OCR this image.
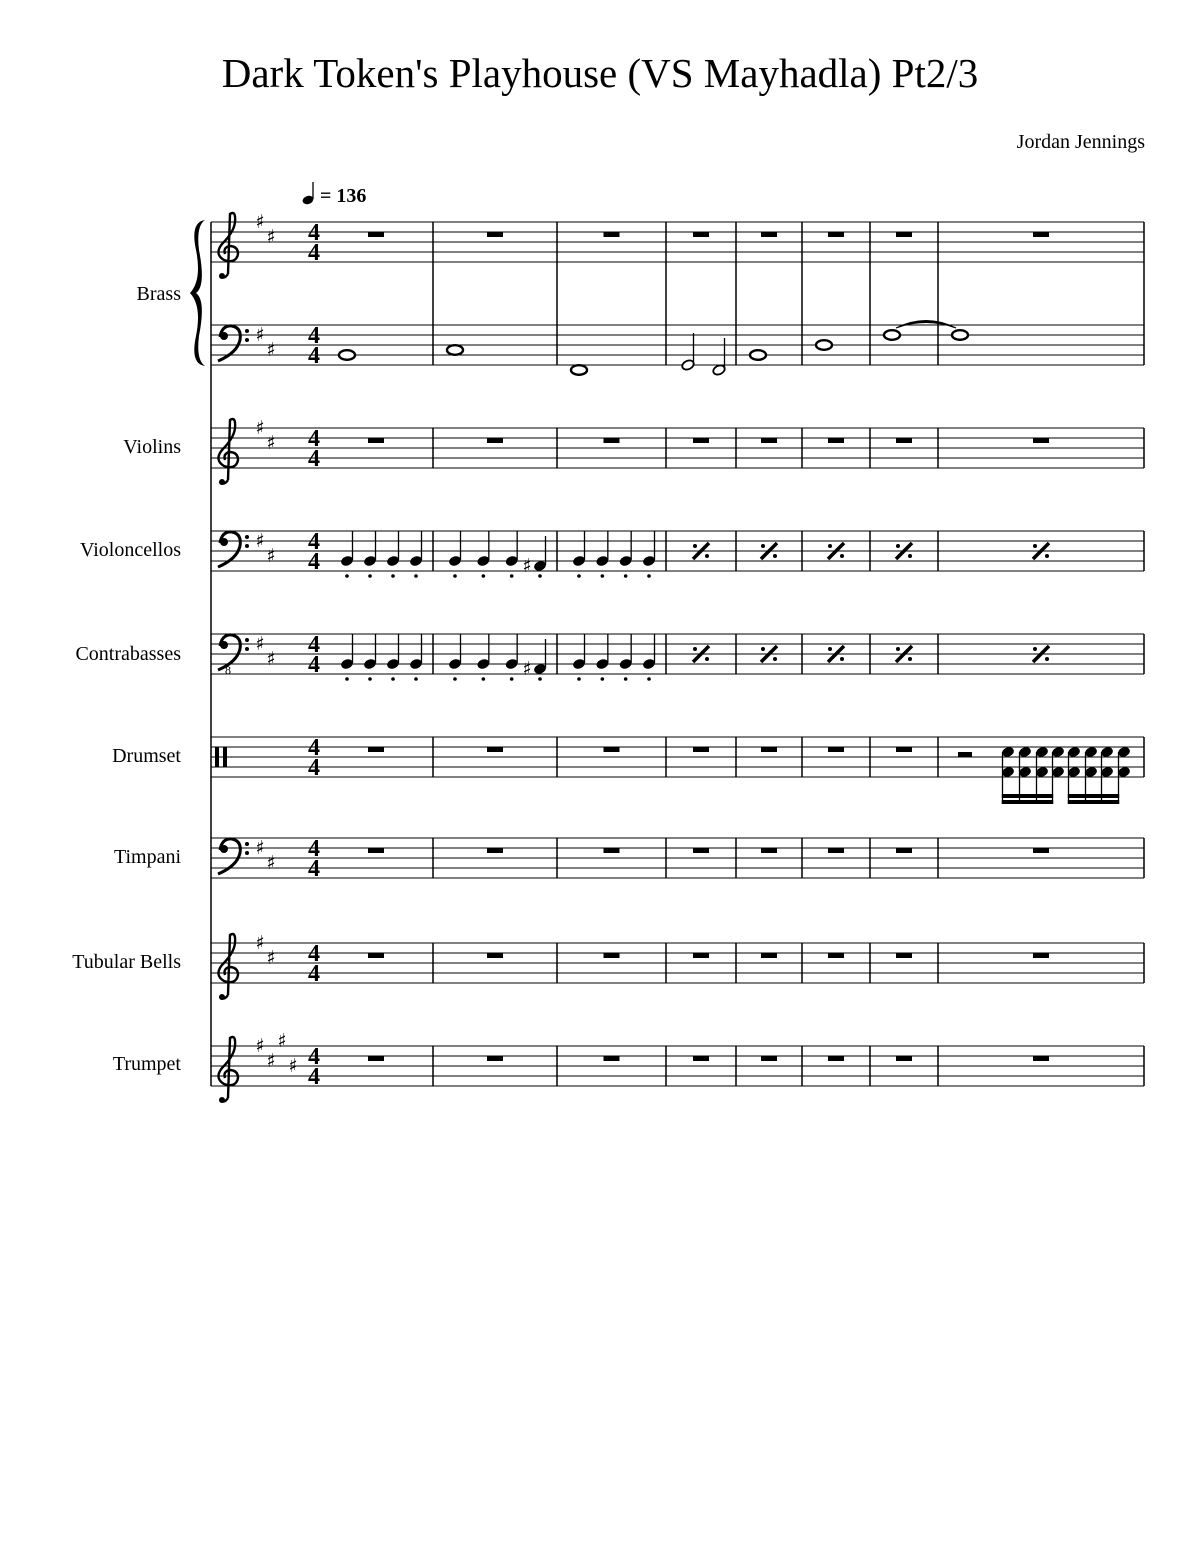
Dark Token's Playhouse (VS Mayhadla) Pt2/3
Jordan Jennings
= 136
Brass
Violins
Violoncellos
Contrabasses
Drumset
Timpani
Tubular Bells
Trumpet
♯
♯ 4
4
♯
♯
4
4
♯
♯ 4
4
♯
♯
4
4	♯
8
♯
♯
4
4	♯
4
4
♯
♯
4
4
♯
♯ 4
4
♯
♯
♯
♯ 4
4
